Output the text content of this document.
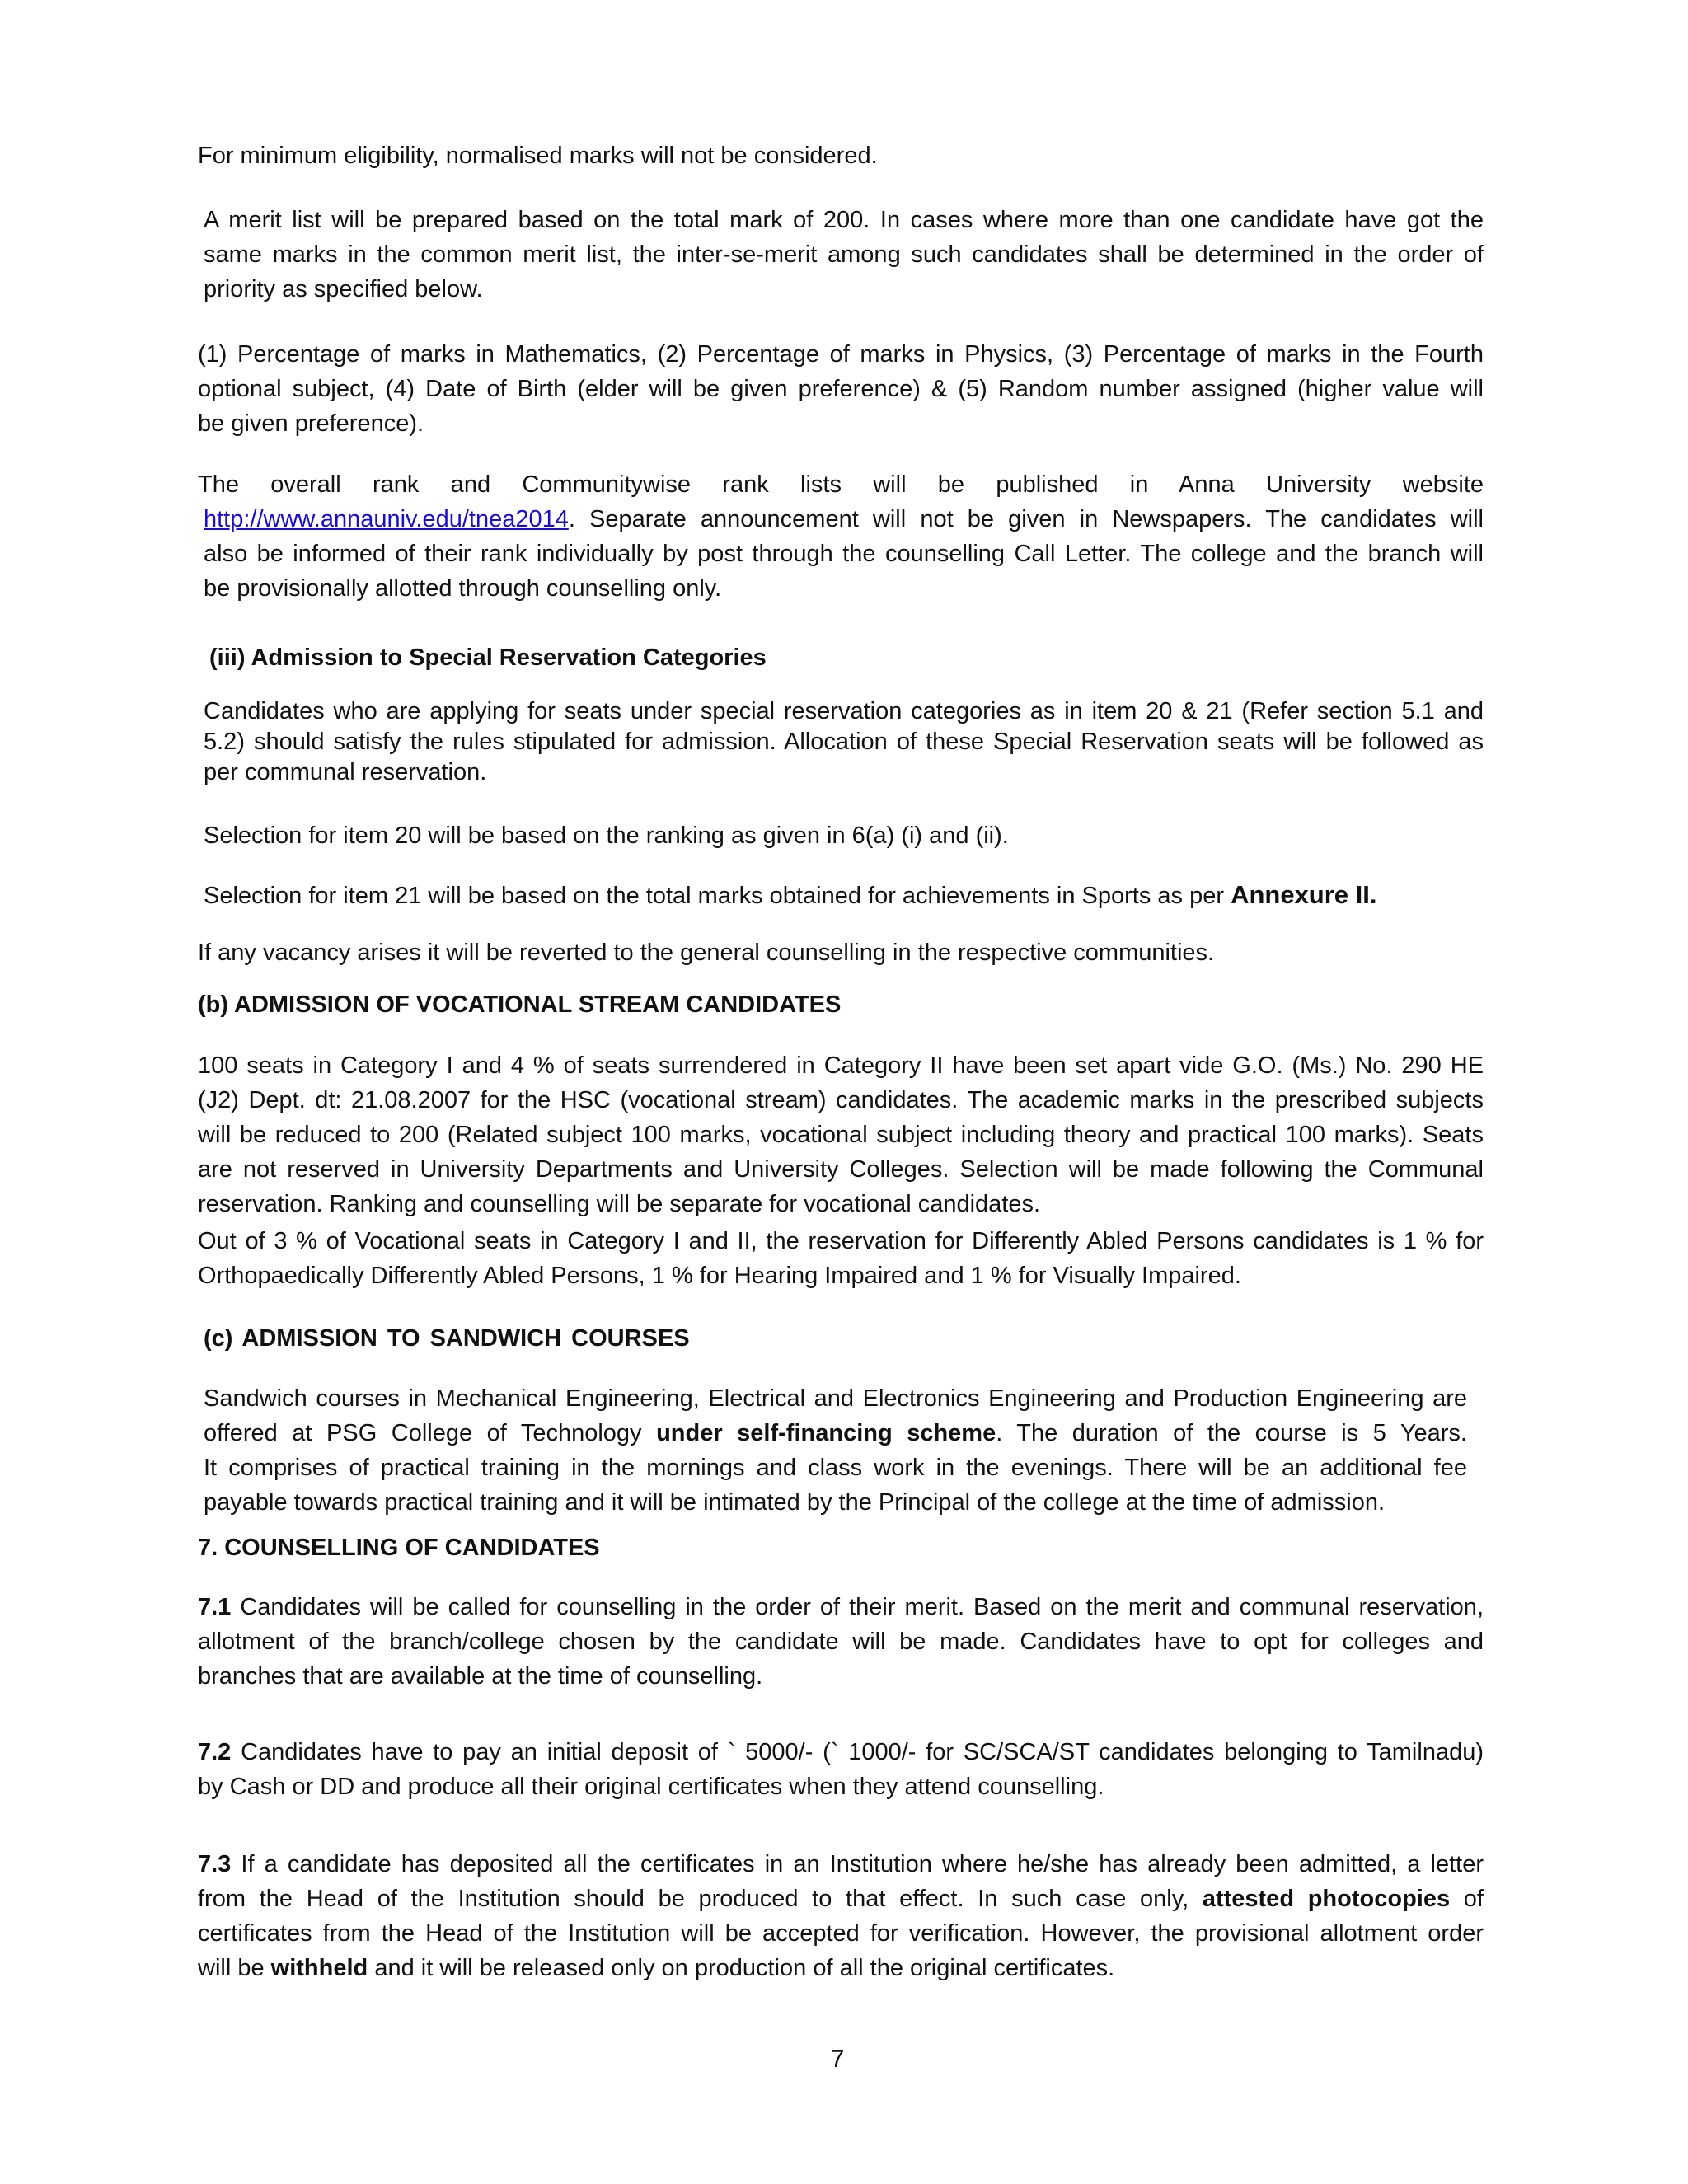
For minimum eligibility, normalised marks will not be considered.
A merit list will be prepared based on the total mark of 200. In cases where more than one candidate have got the
same marks in the common merit list, the inter-se-merit among such candidates shall be determined in the order of
priority as specified below.
(1) Percentage of marks in Mathematics, (2) Percentage of marks in Physics, (3) Percentage of marks in the Fourth
optional subject, (4) Date of Birth (elder will be given preference) & (5) Random number assigned (higher value will
be given preference).
The overall rank and Communitywise rank lists will be published in Anna University website
http://www.annauniv.edu/tnea2014. Separate announcement will not be given in Newspapers. The candidates will
also be informed of their rank individually by post through the counselling Call Letter. The college and the branch will
be provisionally allotted through counselling only.
(iii) Admission to Special Reservation Categories
Candidates who are applying for seats under special reservation categories as in item 20 & 21 (Refer section 5.1 and
5.2) should satisfy the rules stipulated for admission. Allocation of these Special Reservation seats will be followed as
per communal reservation.
Selection for item 20 will be based on the ranking as given in 6(a) (i) and (ii).
Selection for item 21 will be based on the total marks obtained for achievements in Sports as per Annexure II.
If any vacancy arises it will be reverted to the general counselling in the respective communities.
(b) ADMISSION OF VOCATIONAL STREAM CANDIDATES
100 seats in Category I and 4 % of seats surrendered in Category II have been set apart vide G.O. (Ms.) No. 290 HE
(J2) Dept. dt: 21.08.2007 for the HSC (vocational stream) candidates. The academic marks in the prescribed subjects
will be reduced to 200 (Related subject 100 marks, vocational subject including theory and practical 100 marks). Seats
are not reserved in University Departments and University Colleges. Selection will be made following the Communal
reservation. Ranking and counselling will be separate for vocational candidates.
Out of 3 % of Vocational seats in Category I and II, the reservation for Differently Abled Persons candidates is 1 % for
Orthopaedically Differently Abled Persons, 1 % for Hearing Impaired and 1 % for Visually Impaired.
(c) ADMISSION TO SANDWICH COURSES
Sandwich courses in Mechanical Engineering, Electrical and Electronics Engineering and Production Engineering are
offered at PSG College of Technology under self-financing scheme. The duration of the course is 5 Years.
It comprises of practical training in the mornings and class work in the evenings. There will be an additional fee
payable towards practical training and it will be intimated by the Principal of the college at the time of admission.
7. COUNSELLING OF CANDIDATES
7.1 Candidates will be called for counselling in the order of their merit. Based on the merit and communal reservation,
allotment of the branch/college chosen by the candidate will be made. Candidates have to opt for colleges and
branches that are available at the time of counselling.
7.2 Candidates have to pay an initial deposit of ` 5000/- (` 1000/- for SC/SCA/ST candidates belonging to Tamilnadu)
by Cash or DD and produce all their original certificates when they attend counselling.
7.3 If a candidate has deposited all the certificates in an Institution where he/she has already been admitted, a letter
from the Head of the Institution should be produced to that effect. In such case only, attested photocopies of
certificates from the Head of the Institution will be accepted for verification. However, the provisional allotment order
will be withheld and it will be released only on production of all the original certificates.
7
